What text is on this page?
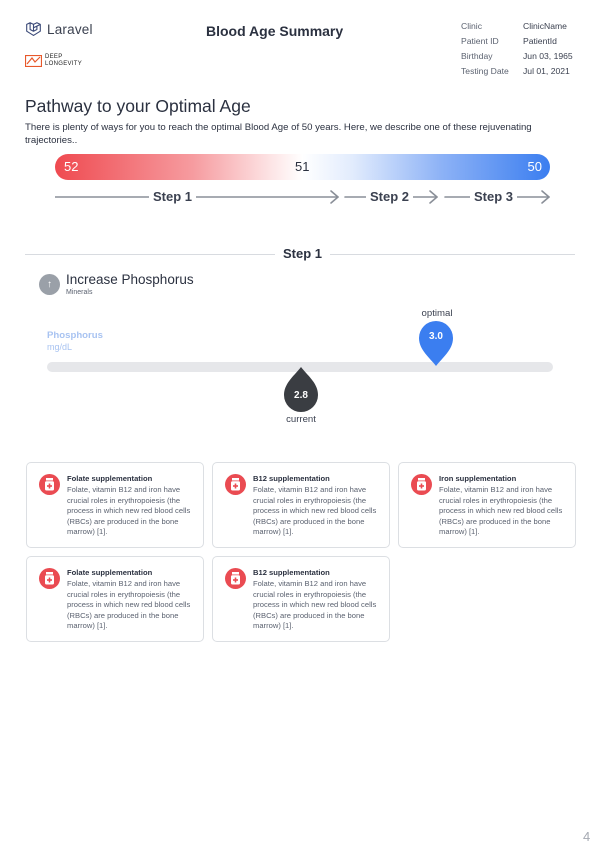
Laravel
DEEP
LONGEVITY
Blood Age Summary	Clinic	ClinicName
Patient ID	PatientId
Birthday	Jun 03, 1965
Testing Date	Jul 01, 2021
Pathway to your Optimal Age
There is plenty of ways for you to reach the optimal Blood Age of 50 years. Here, we describe one of these rejuvenating trajectories..
52	51	50
Step 1	Step 2	Step 3
Step 1
↑	Increase Phosphorus
Minerals
Phosphorus
mg/dL
optimal
3.0
2.8
current
Folate supplementation
Folate, vitamin B12 and iron have crucial roles in erythropoiesis (the process in which new red blood cells (RBCs) are produced in the bone marrow) [1].
B12 supplementation
Folate, vitamin B12 and iron have crucial roles in erythropoiesis (the process in which new red blood cells (RBCs) are produced in the bone marrow) [1].
Iron supplementation
Folate, vitamin B12 and iron have crucial roles in erythropoiesis (the process in which new red blood cells (RBCs) are produced in the bone marrow) [1].
Folate supplementation
Folate, vitamin B12 and iron have crucial roles in erythropoiesis (the process in which new red blood cells (RBCs) are produced in the bone marrow) [1].
B12 supplementation
Folate, vitamin B12 and iron have crucial roles in erythropoiesis (the process in which new red blood cells (RBCs) are produced in the bone marrow) [1].
4
